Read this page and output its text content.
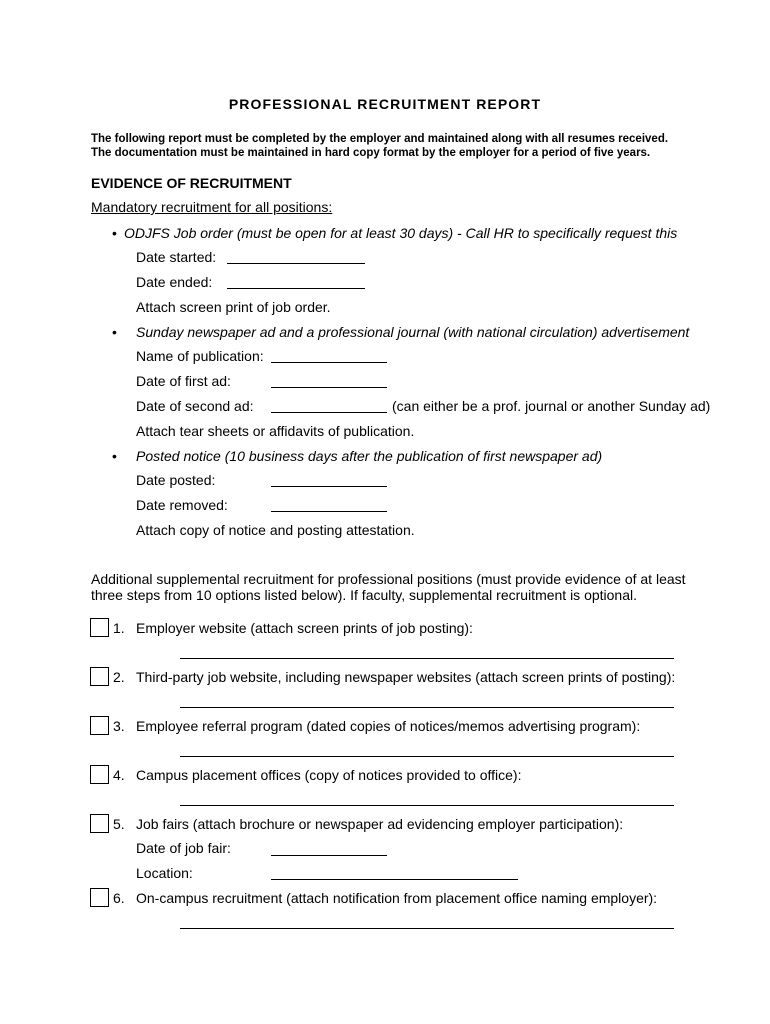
PROFESSIONAL RECRUITMENT REPORT
The following report must be completed by the employer and maintained along with all resumes received.
The documentation must be maintained in hard copy format by the employer for a period of five years.
EVIDENCE OF RECRUITMENT
Mandatory recruitment for all positions:
• ODJFS Job order (must be open for at least 30 days) - Call HR to specifically request this
Date started:
Date ended:
Attach screen print of job order.
• Sunday newspaper ad and a professional journal (with national circulation) advertisement
Name of publication:
Date of first ad:
Date of second ad:	(can either be a prof. journal or another Sunday ad)
Attach tear sheets or affidavits of publication.
• Posted notice (10 business days after the publication of first newspaper ad)
Date posted:
Date removed:
Attach copy of notice and posting attestation.
Additional supplemental recruitment for professional positions (must provide evidence of at least
three steps from 10 options listed below). If faculty, supplemental recruitment is optional.
1. Employer website (attach screen prints of job posting):
2. Third-party job website, including newspaper websites (attach screen prints of posting):
3. Employee referral program (dated copies of notices/memos advertising program):
4. Campus placement offices (copy of notices provided to office):
5. Job fairs (attach brochure or newspaper ad evidencing employer participation):
Date of job fair:
Location:
6. On-campus recruitment (attach notification from placement office naming employer):
